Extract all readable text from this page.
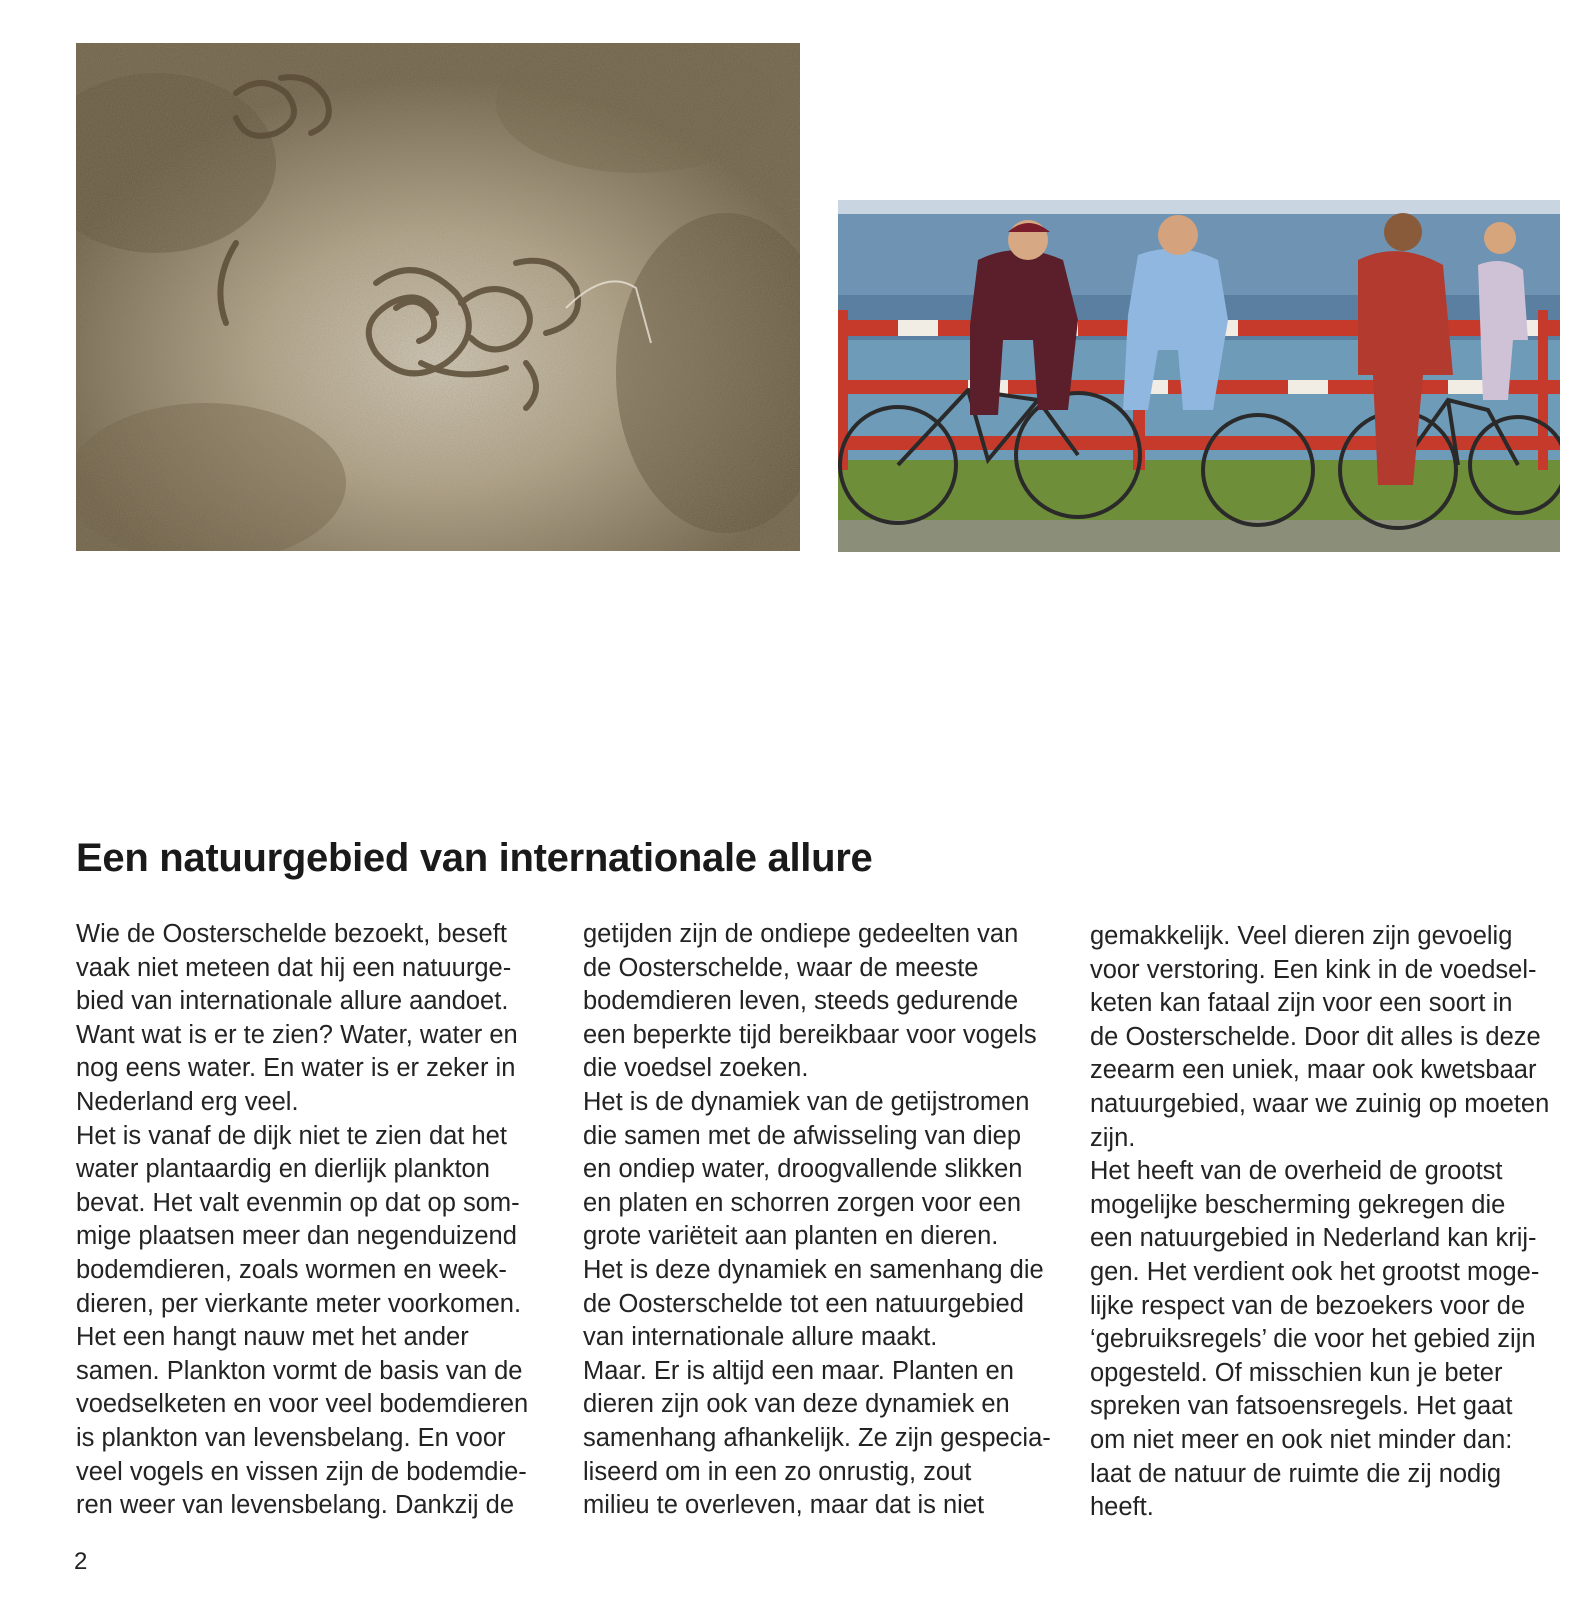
Een natuurgebied van internationale allure

Wie de Oosterschelde bezoekt, beseft
vaak niet meteen dat hij een natuurge-
bied van internationale allure aandoet.
Want wat is er te zien? Water, water en
nog eens water. En water is er zeker in
Nederland erg veel.

Het is vanaf de dijk niet te zien dat het
water plantaardig en dierlijk plankton
bevat. Het valt evenmin op dat op som-
mige plaatsen meer dan negenduizend
bodemdieren, zoals wormen en week-
dieren, per vierkante meter voorkomen.

Het een hangt nauw met het ander
samen. Plankton vormt de basis van de
voedselketen en voor veel bodemdieren
is plankton van levensbelang. En voor
veel vogels en vissen zijn de bodemdie-
ren weer van levensbelang. Dankzij de

getijden zijn de ondiepe gedeelten van
de Oosterschelde, waar de meeste
bodemdieren leven, steeds gedurende
een beperkte tijd bereikbaar voor vogels
die voedsel zoeken.

Het is de dynamiek van de getijstromen
die samen met de afwisseling van diep
en ondiep water, droogvallende slikken
en platen en schorren zorgen voor een
grote variëteit aan planten en dieren.

Het is deze dynamiek en samenhang die
de Oosterschelde tot een natuurgebied
van internationale allure maakt.

Maar. Er is altijd een maar. Planten en
dieren zijn ook van deze dynamiek en
samenhang afhankelijk. Ze zijn gespecia-
liseerd om in een zo onrustig, zout
milieu te overleven, maar dat is niet

gemakkelijk. Veel dieren zijn gevoelig
voor verstoring. Een kink in de voedsel-
keten kan fataal zijn voor een soort in
de Oosterschelde. Door dit alles is deze
zeearm een uniek, maar ook kwetsbaar
natuurgebied, waar we zuinig op moeten
zijn.

Het heeft van de overheid de grootst
mogelijke bescherming gekregen die
een natuurgebied in Nederland kan krij-
gen. Het verdient ook het grootst moge-
lijke respect van de bezoekers voor de
‘gebruiksregels’ die voor het gebied zijn
opgesteld. Of misschien kun je beter
spreken van fatsoensregels. Het gaat
om niet meer en ook niet minder dan:
laat de natuur de ruimte die zij nodig
heeft.

2
